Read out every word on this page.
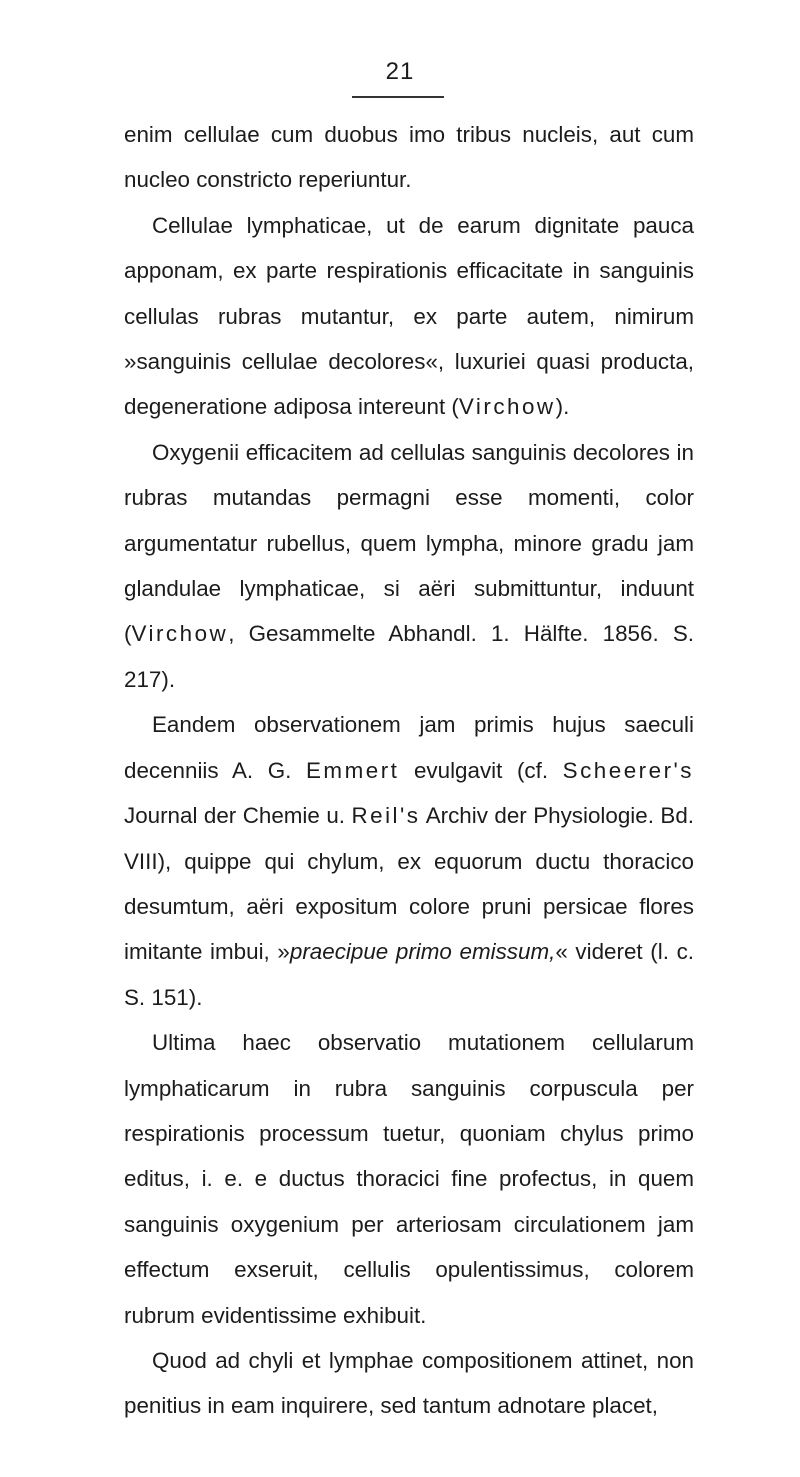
21

enim cellulae cum duobus imo tribus nucleis, aut cum nucleo constricto reperiuntur.

Cellulae lymphaticae, ut de earum dignitate pauca apponam, ex parte respirationis efficacitate in sanguinis cellulas rubras mutantur, ex parte autem, nimirum »sanguinis cellulae decolores«, luxuriei quasi producta, degeneratione adiposa intereunt (Virchow).

Oxygenii efficacitem ad cellulas sanguinis decolores in rubras mutandas permagni esse momenti, color argumentatur rubellus, quem lympha, minore gradu jam glandulae lymphaticae, si aëri submittuntur, induunt (Virchow, Gesammelte Abhandl. 1. Hälfte. 1856. S. 217).

Eandem observationem jam primis hujus saeculi decenniis A. G. Emmert evulgavit (cf. Scheerer's Journal der Chemie u. Reil's Archiv der Physiologie. Bd. VIII), quippe qui chylum, ex equorum ductu thoracico desumtum, aëri expositum colore pruni persicae flores imitante imbui, »praecipue primo emissum,« videret (l. c. S. 151).

Ultima haec observatio mutationem cellularum lymphaticarum in rubra sanguinis corpuscula per respirationis processum tuetur, quoniam chylus primo editus, i. e. e ductus thoracici fine profectus, in quem sanguinis oxygenium per arteriosam circulationem jam effectum exseruit, cellulis opulentissimus, colorem rubrum evidentissime exhibuit.

Quod ad chyli et lymphae compositionem attinet, non penitius in eam inquirere, sed tantum adnotare placet,
